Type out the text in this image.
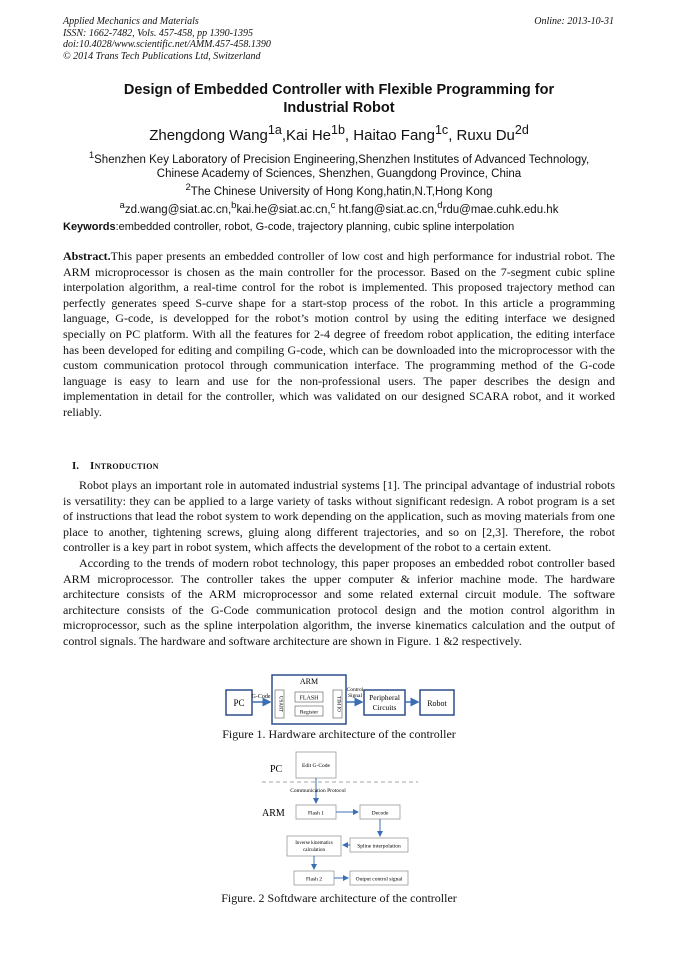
Applied Mechanics and Materials
ISSN: 1662-7482, Vols. 457-458, pp 1390-1395
doi:10.4028/www.scientific.net/AMM.457-458.1390
© 2014 Trans Tech Publications Ltd, Switzerland
Online: 2013-10-31
Design of Embedded Controller with Flexible Programming for
Industrial Robot
Zhengdong Wang$^{1a}$,Kai $He^{1b}$, Haitao Fang$^{1c}$, Ruxu $Du^{2d}$
$^1$Shenzhen Key Laboratory of Precision Engineering,Shenzhen Institutes of Advanced Technology,
Chinese Academy of Sciences, Shenzhen, Guangdong Province, China
$^2$The Chinese University of Hong Kong,hatin,N.T,Hong Kong
$^a$zd.wang@siat.ac.cn,$^b$kai.he@siat.ac.cn,$^c$ ht.fang@siat.ac.cn,$^d$rdu@mae.cuhk.edu.hk
Keywords:embedded controller, robot, G-code, trajectory planning, cubic spline interpolation
Abstract.This paper presents an embedded controller of low cost and high performance for industrial robot. The ARM microprocessor is chosen as the main controller for the processor. Based on the 7-segment cubic spline interpolation algorithm, a real-time control for the robot is implemented. This proposed trajectory method can perfectly generates speed S-curve shape for a start-stop process of the robot. In this article a programming language, G-code, is developped for the robot’s motion control by using the editing interface we designed specially on PC platform. With all the features for 2-4 degree of freedom robot application, the editing interface has been developed for editing and compiling G-code, which can be downloaded into the microprocessor with the custom communication protocol through communication interface. The programming method of the G-code language is easy to learn and use for the non-professional users. The paper describes the design and implementation in detail for the controller, which was validated on our designed SCARA robot, and it worked reliably.
I. Introduction

Robot plays an important role in automated industrial systems [1]. The principal advantage of industrial robots is versatility: they can be applied to a large variety of tasks without significant redesign. A robot program is a set of instructions that lead the robot system to work depending on the application, such as moving materials from one place to another, tightening screws, gluing along different trajectories, and so on [2,3]. Therefore, the robot controller is a key part in robot system, which affects the development of the robot to a certain extent.

According to the trends of modern robot technology, this paper proposes an embedded robot controller based ARM microprocessor. The controller takes the upper computer & inferior machine mode. The hardware architecture consists of the ARM microprocessor and some related external circuit module. The software architecture consists of the G-Code communication protocol design and the motion control algorithm in microprocessor, such as the spline interpolation algorithm, the inverse kinematics calculation and the output of control signals. The hardware and software architecture are shown in Figure. 1 &2 respectively.

PC
G-Code
ARM
USART	FLASH
Register
TIM IO
Control
Signal Peripheral
Circuits	Robot
PC	Edit G-Code
Communication Protocol
ARM	Flash 1	Decode
Spline interpolation
Inverse kinematics
calculation
Flash 2	Output control signal
Figure 1. Hardware architecture of the controller
Figure. 2 Softdware architecture of the controller
